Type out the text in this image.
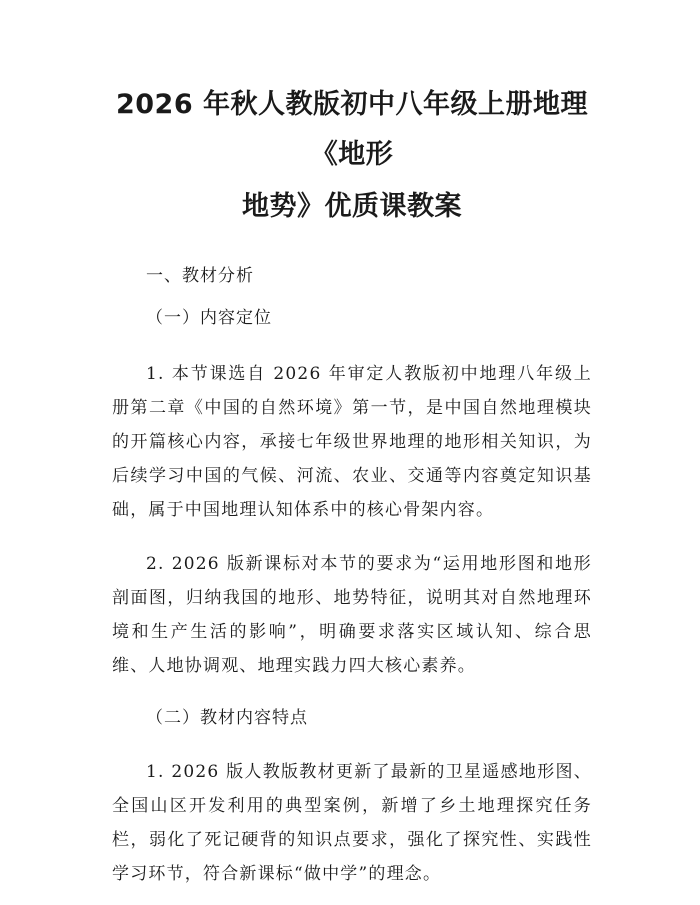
2026 年秋人教版初中八年级上册地理《地形
地势》优质课教案

一、教材分析

（一）内容定位

1. 本节课选自 2026 年审定人教版初中地理八年级上册第二章《中国的自然环境》第一节，是中国自然地理模块的开篇核心内容，承接七年级世界地理的地形相关知识，为后续学习中国的气候、河流、农业、交通等内容奠定知识基础，属于中国地理认知体系中的核心骨架内容。

2. 2026 版新课标对本节的要求为“运用地形图和地形剖面图，归纳我国的地形、地势特征，说明其对自然地理环境和生产生活的影响”，明确要求落实区域认知、综合思维、人地协调观、地理实践力四大核心素养。

（二）教材内容特点

1. 2026 版人教版教材更新了最新的卫星遥感地形图、全国山区开发利用的典型案例，新增了乡土地理探究任务栏，弱化了死记硬背的知识点要求，强化了探究性、实践性学习环节，符合新课标“做中学”的理念。
